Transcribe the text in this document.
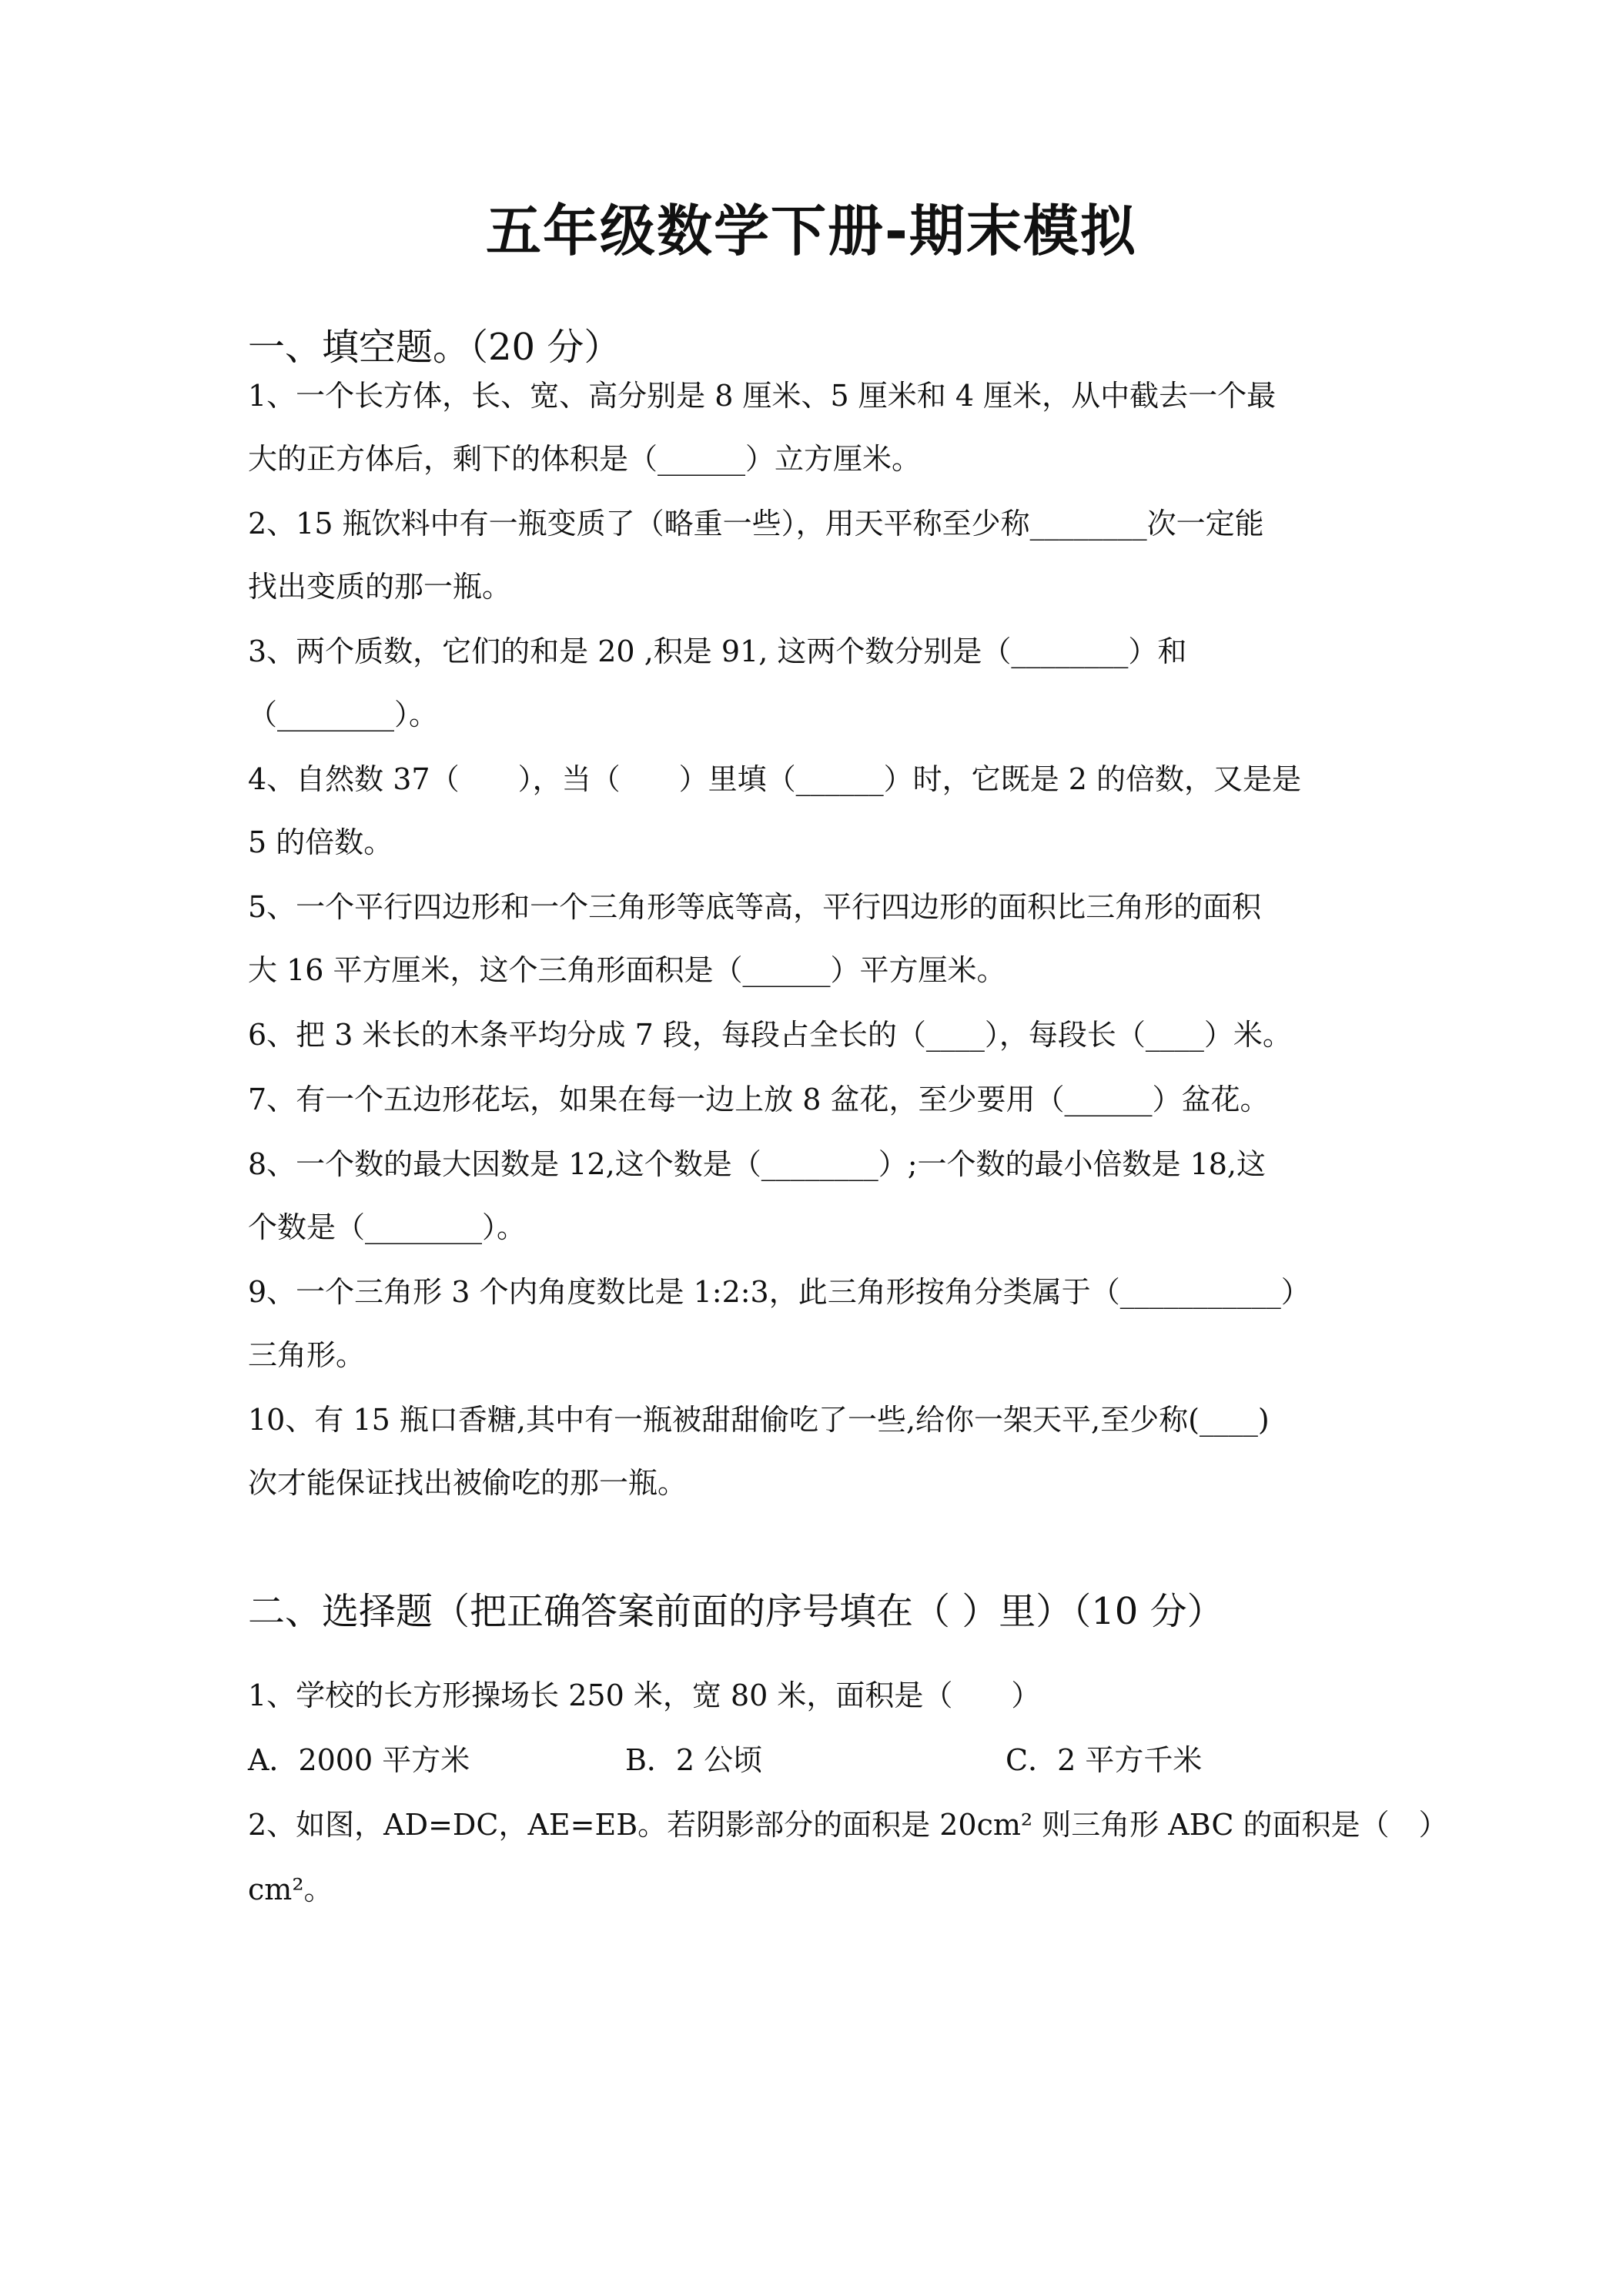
五年级数学下册-期末模拟
一、填空题。（20 分）
1、一个长方体，长、宽、高分别是 8 厘米、5 厘米和 4 厘米，从中截去一个最
大的正方体后，剩下的体积是（______）立方厘米。
2、15 瓶饮料中有一瓶变质了（略重一些），用天平称至少称________次一定能
找出变质的那一瓶。
3、两个质数，它们的和是 20 ,积是 91, 这两个数分别是（________）和
（________）。
4、自然数 37（　　），当（　　）里填（______）时，它既是 2 的倍数，又是是
5 的倍数。
5、一个平行四边形和一个三角形等底等高，平行四边形的面积比三角形的面积
大 16 平方厘米，这个三角形面积是（______）平方厘米。
6、把 3 米长的木条平均分成 7 段，每段占全长的（____），每段长（____）米。
7、有一个五边形花坛，如果在每一边上放 8 盆花，至少要用（______）盆花。
8、一个数的最大因数是 12,这个数是（________）;一个数的最小倍数是 18,这
个数是（________）。
9、一个三角形 3 个内角度数比是 1:2:3，此三角形按角分类属于（___________）
三角形。
10、有 15 瓶口香糖,其中有一瓶被甜甜偷吃了一些,给你一架天平,至少称(____)
次才能保证找出被偷吃的那一瓶。
二、选择题（把正确答案前面的序号填在（ ）里）（10 分）
1、学校的长方形操场长 250 米，宽 80 米，面积是（　　）
A．2000 平方米	B．2 公顷	C．2 平方千米
2、如图，AD=DC，AE=EB。若阴影部分的面积是 20cm² 则三角形 ABC 的面积是（　）
cm²。
